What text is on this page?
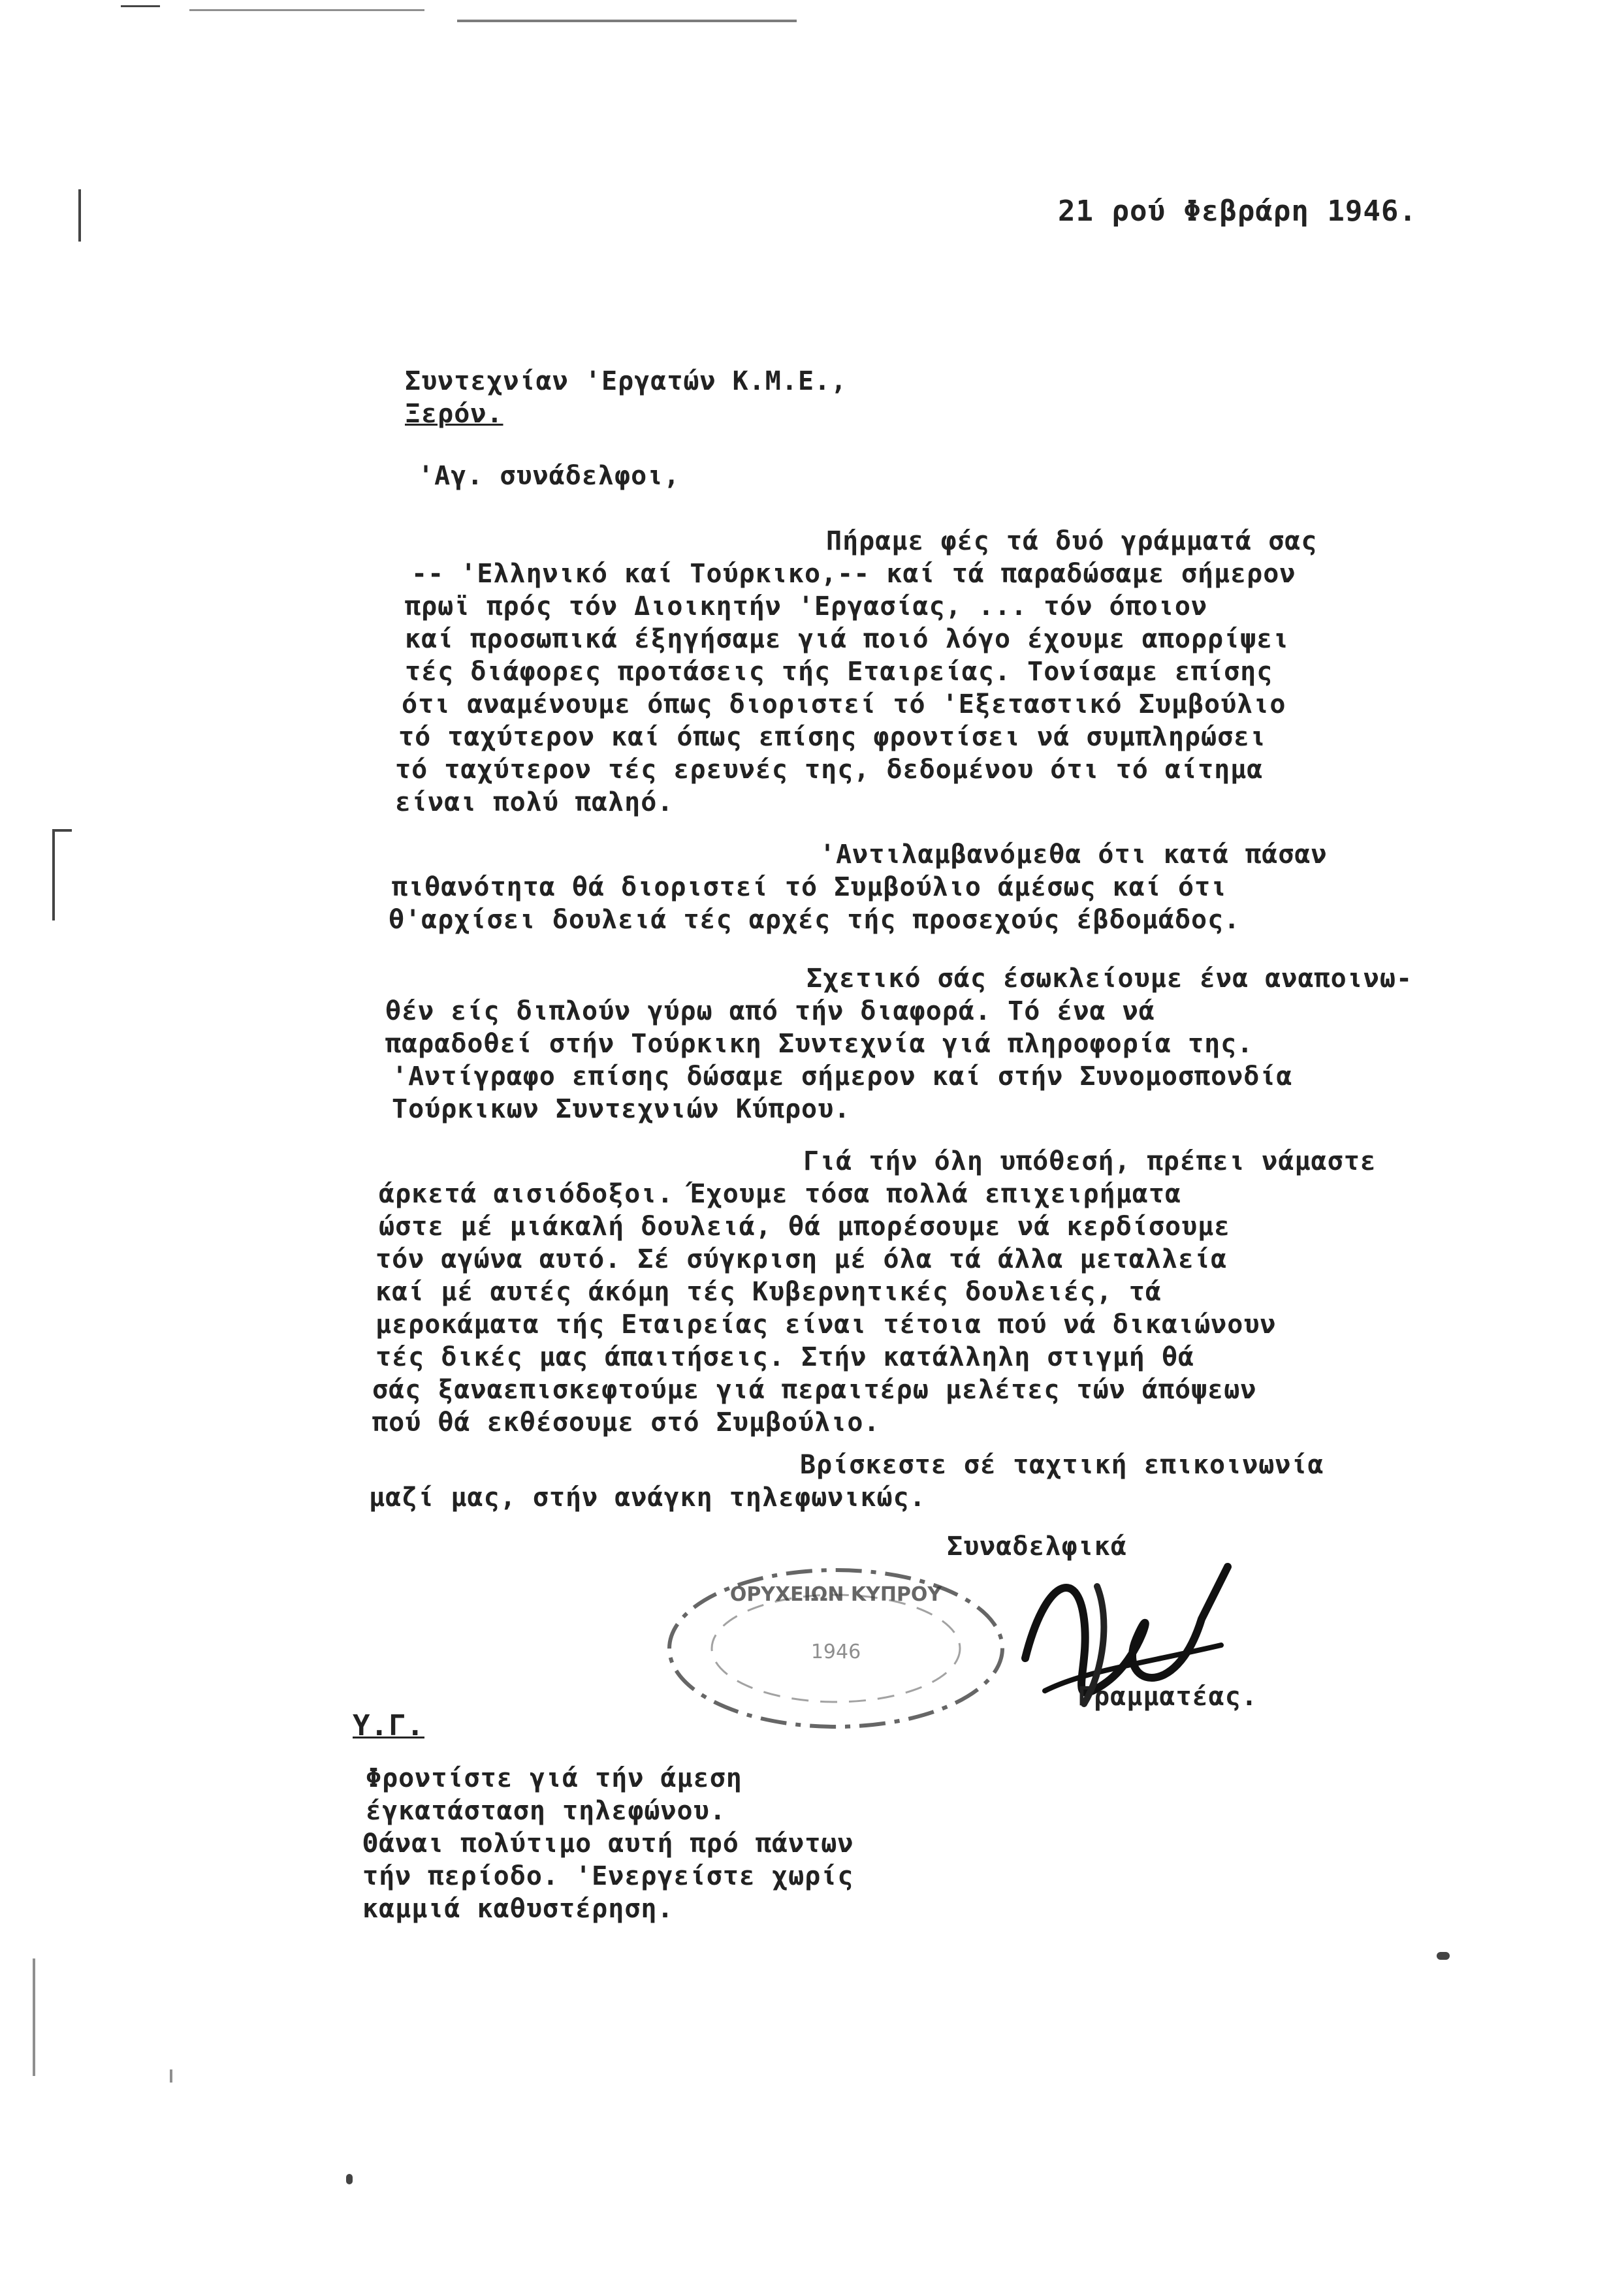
21 ρού Φεβράρη 1946.
Συντεχνίαν 'Εργατών Κ.Μ.Ε.,
Ξερόν.
'Αγ. συνάδελφοι,
Πήραμε φές τά δυό γράμματά σας
-- 'Ελληνικό καί Τούρκικο,-- καί τά παραδώσαμε σήμερον
πρωϊ πρός τόν Διοικητήν 'Εργασίας, ... τόν όποιον
καί προσωπικά έξηγήσαμε γιά ποιό λόγο έχουμε απορρίψει
τές διάφορες προτάσεις τής Εταιρείας. Τονίσαμε επίσης
ότι αναμένουμε όπως διοριστεί τό 'Εξεταστικό Συμβούλιο
τό ταχύτερον καί όπως επίσης φροντίσει νά συμπληρώσει
τό ταχύτερον τές ερευνές της, δεδομένου ότι τό αίτημα
είναι πολύ παληό.
'Αντιλαμβανόμεθα ότι κατά πάσαν
πιθανότητα θά διοριστεί τό Συμβούλιο άμέσως καί ότι
θ'αρχίσει δουλειά τές αρχές τής προσεχούς έβδομάδος.
Σχετικό σάς έσωκλείουμε ένα αναποινω-
θέν είς διπλούν γύρω από τήν διαφορά. Τό ένα νά
παραδοθεί στήν Τούρκικη Συντεχνία γιά πληροφορία της.
'Αντίγραφο επίσης δώσαμε σήμερον καί στήν Συνομοσπονδία
Τούρκικων Συντεχνιών Κύπρου.
Γιά τήν όλη υπόθεσή, πρέπει νάμαστε
άρκετά αισιόδοξοι. Έχουμε τόσα πολλά επιχειρήματα
ώστε μέ μιάκαλή δουλειά, θά μπορέσουμε νά κερδίσουμε
τόν αγώνα αυτό. Σέ σύγκριση μέ όλα τά άλλα μεταλλεία
καί μέ αυτές άκόμη τές Κυβερνητικές δουλειές, τά
μεροκάματα τής Εταιρείας είναι τέτοια πού νά δικαιώνουν
τές δικές μας άπαιτήσεις. Στήν κατάλληλη στιγμή θά
σάς ξαναεπισκεφτούμε γιά περαιτέρω μελέτες τών άπόψεων
πού θά εκθέσουμε στό Συμβούλιο.
Βρίσκεστε σέ ταχτική επικοινωνία
μαζί μας, στήν ανάγκη τηλεφωνικώς.
Συναδελφικά
ΟΡΥΧΕΙΩΝ ΚΥΠΡΟΥ
1946
Γραμματέας.
Υ.Γ.
Φροντίστε γιά τήν άμεση
έγκατάσταση τηλεφώνου.
Θάναι πολύτιμο αυτή πρό πάντων
τήν περίοδο. 'Ενεργείστε χωρίς
καμμιά καθυστέρηση.
